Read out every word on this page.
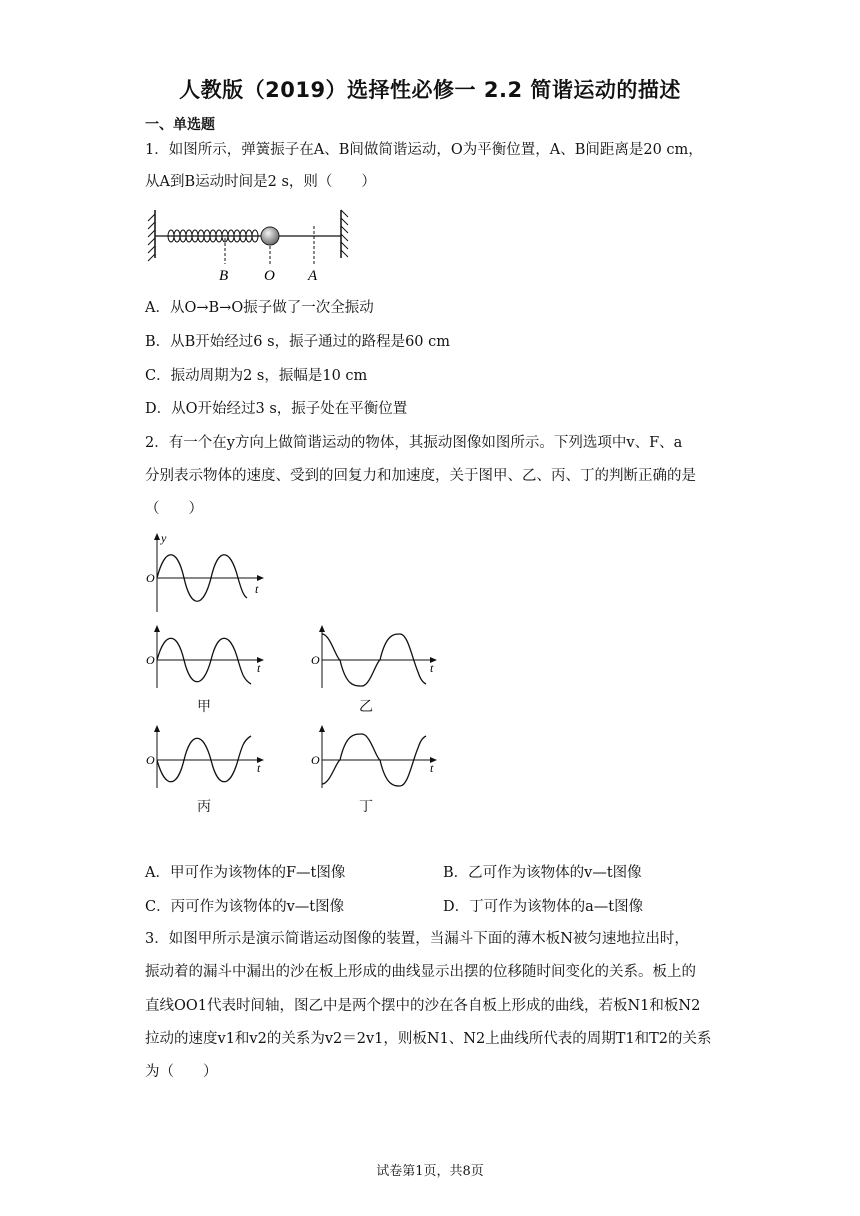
人教版（2019）选择性必修一 2.2 简谐运动的描述
一、单选题
1．如图所示，弹簧振子在A、B间做简谐运动，O为平衡位置，A、B间距离是20 cm，
从A到B运动时间是2 s，则（　　）
B O A
A．从O→B→O振子做了一次全振动
B．从B开始经过6 s，振子通过的路程是60 cm
C．振动周期为2 s，振幅是10 cm
D．从O开始经过3 s，振子处在平衡位置
2．有一个在y方向上做简谐运动的物体，其振动图像如图所示。下列选项中v、F、a
分别表示物体的速度、受到的回复力和加速度，关于图甲、乙、丙、丁的判断正确的是
（　　）
y
O
t
O
t
甲
O
t
乙
O
t
丙
O
t
丁
A．甲可作为该物体的F—t图像	B．乙可作为该物体的v—t图像
C．丙可作为该物体的v—t图像	D．丁可作为该物体的a—t图像
3．如图甲所示是演示简谐运动图像的装置，当漏斗下面的薄木板N被匀速地拉出时，
振动着的漏斗中漏出的沙在板上形成的曲线显示出摆的位移随时间变化的关系。板上的
直线OO1代表时间轴，图乙中是两个摆中的沙在各自板上形成的曲线，若板N1和板N2
拉动的速度v1和v2的关系为v2＝2v1，则板N1、N2上曲线所代表的周期T1和T2的关系
为（　　）
试卷第1页，共8页
